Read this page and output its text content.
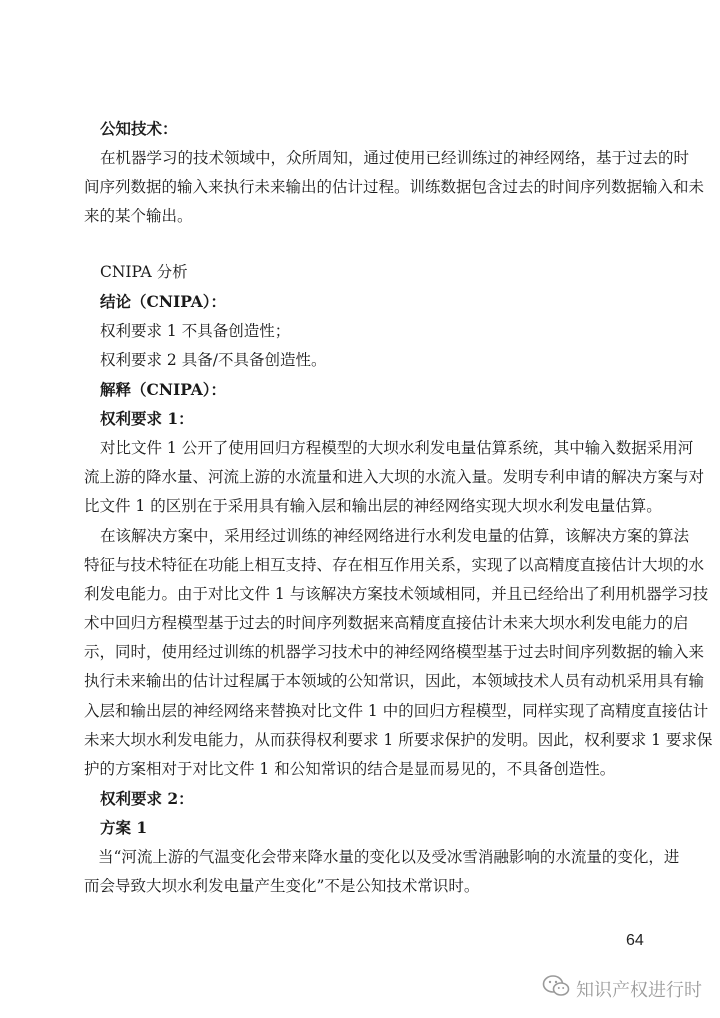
公知技术：
在机器学习的技术领域中，众所周知，通过使用已经训练过的神经网络，基于过去的时
间序列数据的输入来执行未来输出的估计过程。训练数据包含过去的时间序列数据输入和未
来的某个输出。
CNIPA 分析
结论（CNIPA）：
权利要求 1 不具备创造性；
权利要求 2 具备/不具备创造性。
解释（CNIPA）：
权利要求 1：
对比文件 1 公开了使用回归方程模型的大坝水利发电量估算系统，其中输入数据采用河
流上游的降水量、河流上游的水流量和进入大坝的水流入量。发明专利申请的解决方案与对
比文件 1 的区别在于采用具有输入层和输出层的神经网络实现大坝水利发电量估算。
在该解决方案中，采用经过训练的神经网络进行水利发电量的估算，该解决方案的算法
特征与技术特征在功能上相互支持、存在相互作用关系，实现了以高精度直接估计大坝的水
利发电能力。由于对比文件 1 与该解决方案技术领域相同，并且已经给出了利用机器学习技
术中回归方程模型基于过去的时间序列数据来高精度直接估计未来大坝水利发电能力的启
示，同时，使用经过训练的机器学习技术中的神经网络模型基于过去时间序列数据的输入来
执行未来输出的估计过程属于本领域的公知常识，因此，本领域技术人员有动机采用具有输
入层和输出层的神经网络来替换对比文件 1 中的回归方程模型，同样实现了高精度直接估计
未来大坝水利发电能力，从而获得权利要求 1 所要求保护的发明。因此，权利要求 1 要求保
护的方案相对于对比文件 1 和公知常识的结合是显而易见的，不具备创造性。
权利要求 2：
方案 1
当“河流上游的气温变化会带来降水量的变化以及受冰雪消融影响的水流量的变化，进
而会导致大坝水利发电量产生变化”不是公知技术常识时。
64
知识产权进行时
